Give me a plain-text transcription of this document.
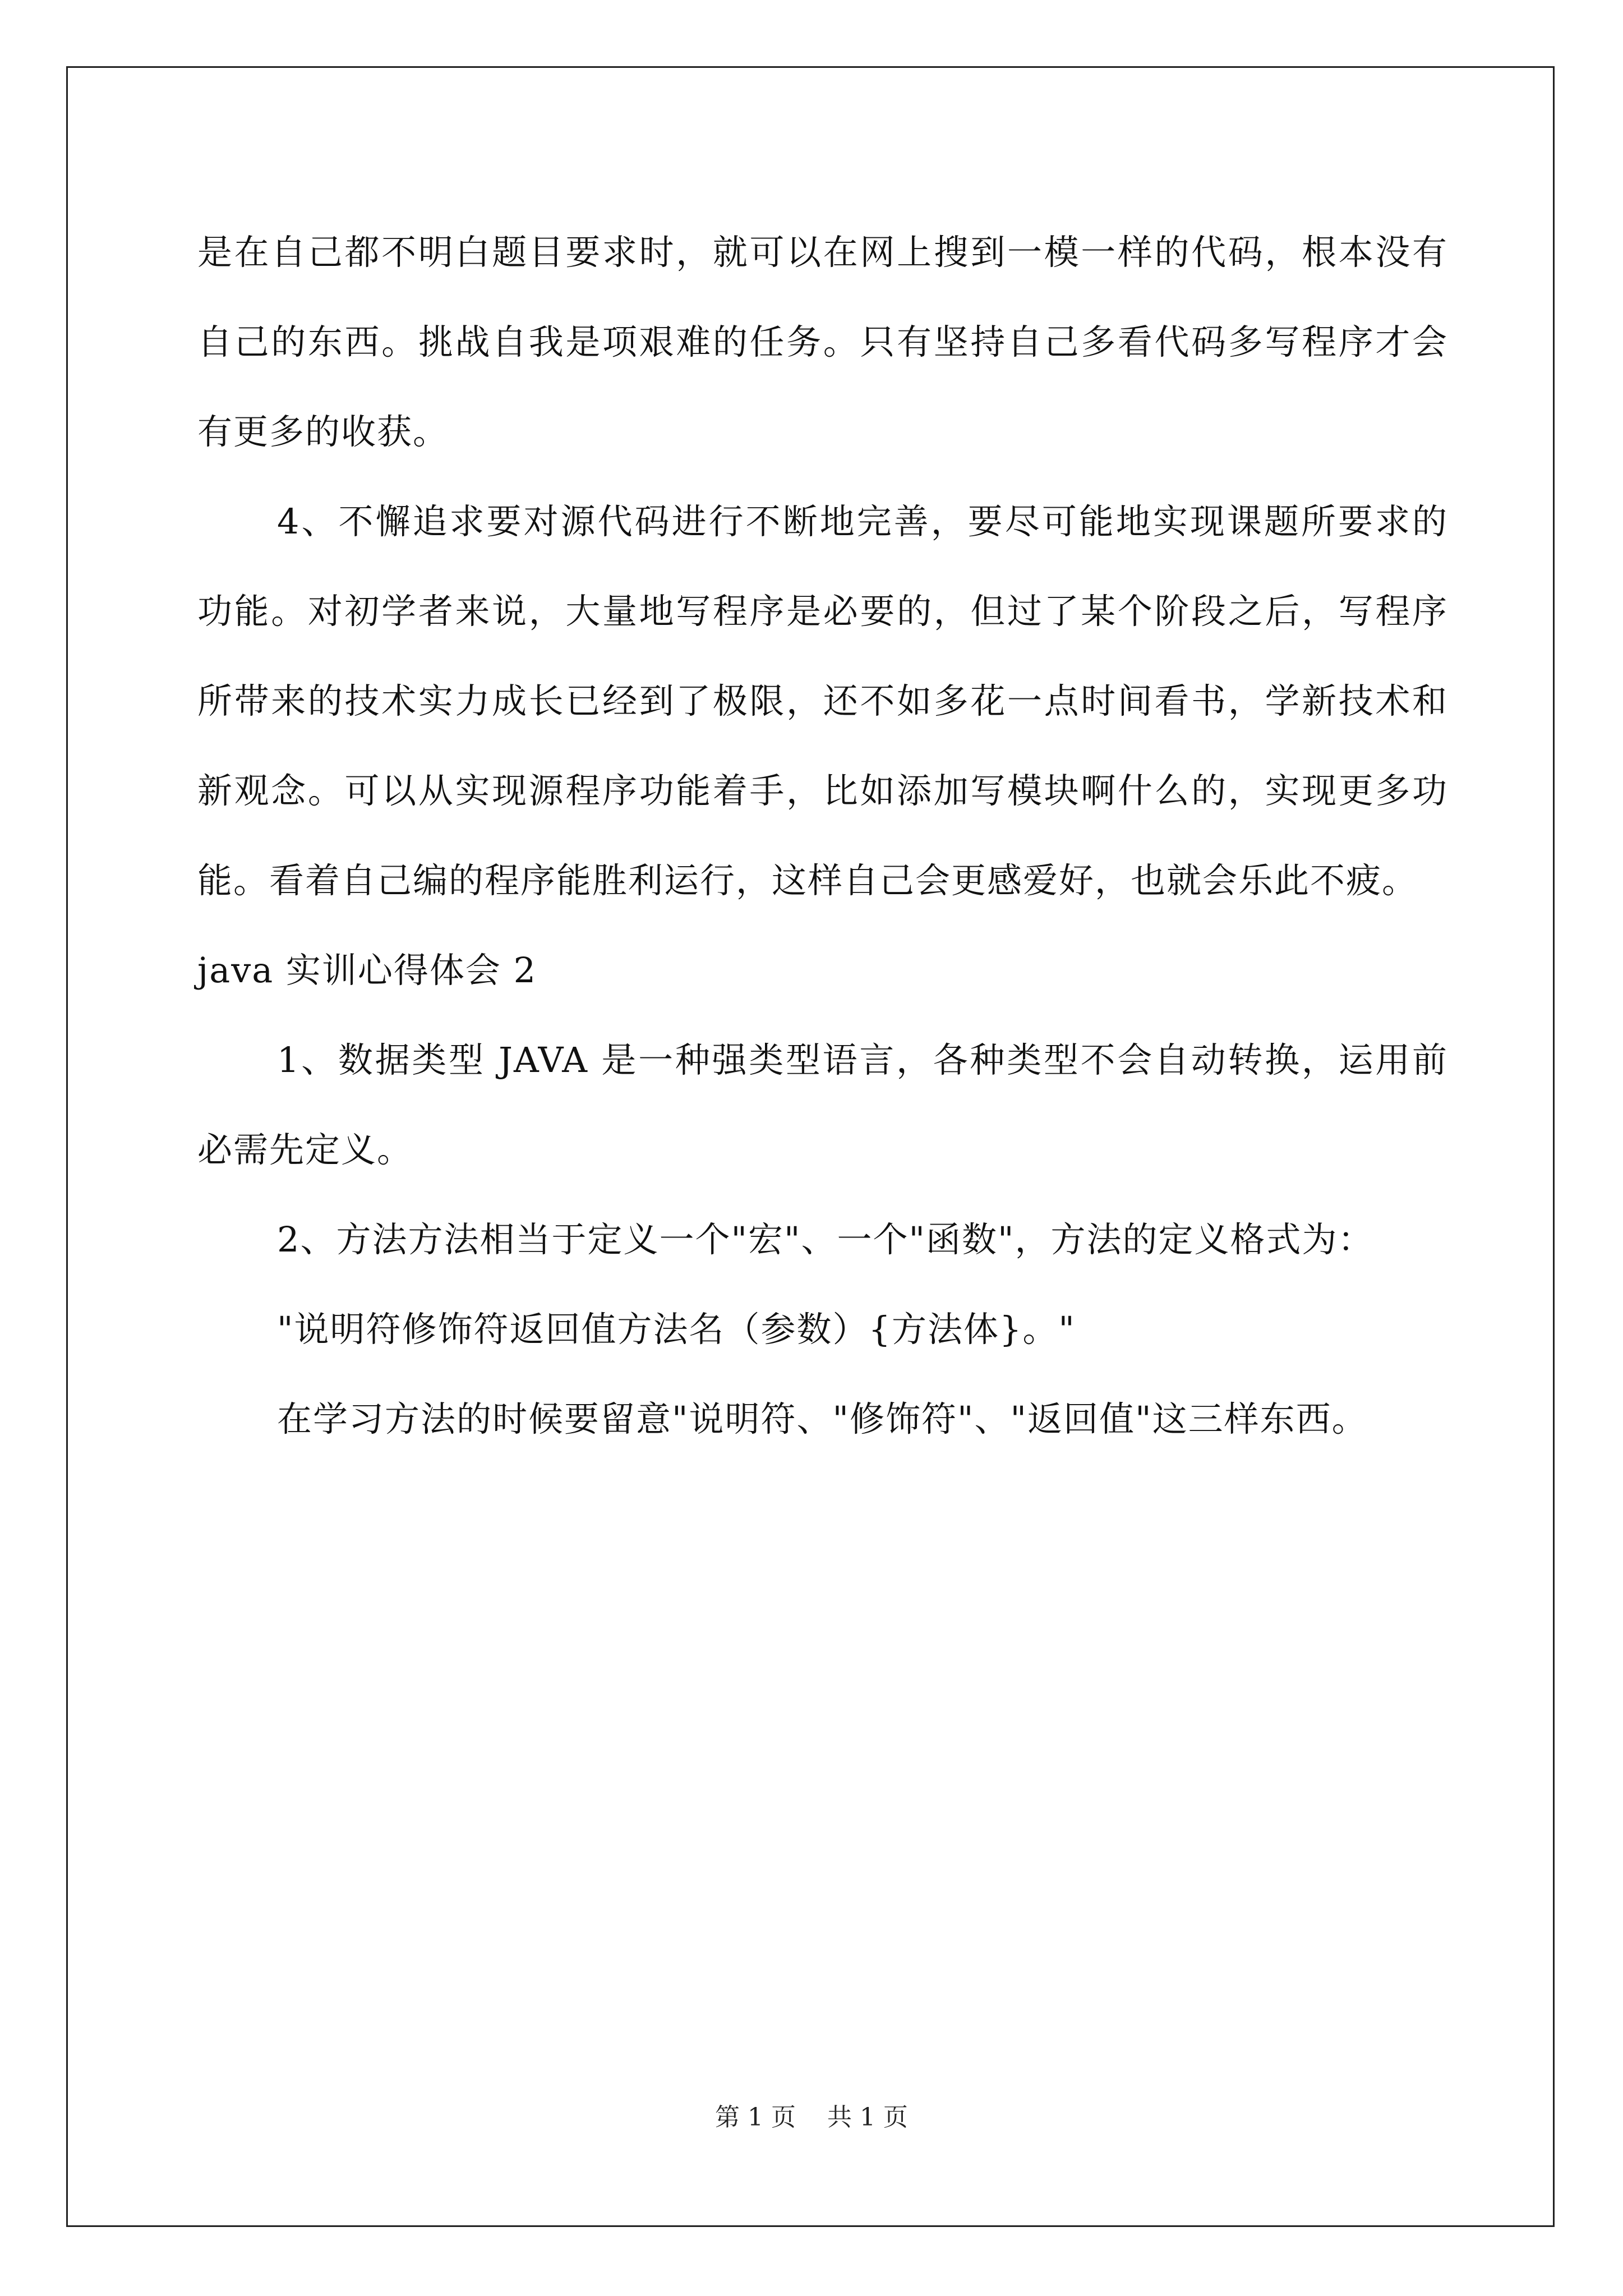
是在自己都不明白题目要求时，就可以在网上搜到一模一样的代码，根本没有自己的东西。挑战自我是项艰难的任务。只有坚持自己多看代码多写程序才会有更多的收获。

4、不懈追求要对源代码进行不断地完善，要尽可能地实现课题所要求的功能。对初学者来说，大量地写程序是必要的，但过了某个阶段之后，写程序所带来的技术实力成长已经到了极限，还不如多花一点时间看书，学新技术和新观念。可以从实现源程序功能着手，比如添加写模块啊什么的，实现更多功能。看着自己编的程序能胜利运行，这样自己会更感爱好，也就会乐此不疲。

java 实训心得体会 2

1、数据类型 JAVA 是一种强类型语言，各种类型不会自动转换，运用前必需先定义。

2、方法方法相当于定义一个"宏"、一个"函数"，方法的定义格式为：

"说明符修饰符返回值方法名（参数）{方法体}。"

在学习方法的时候要留意"说明符、"修饰符"、"返回值"这三样东西。

第 1 页    共 1 页
